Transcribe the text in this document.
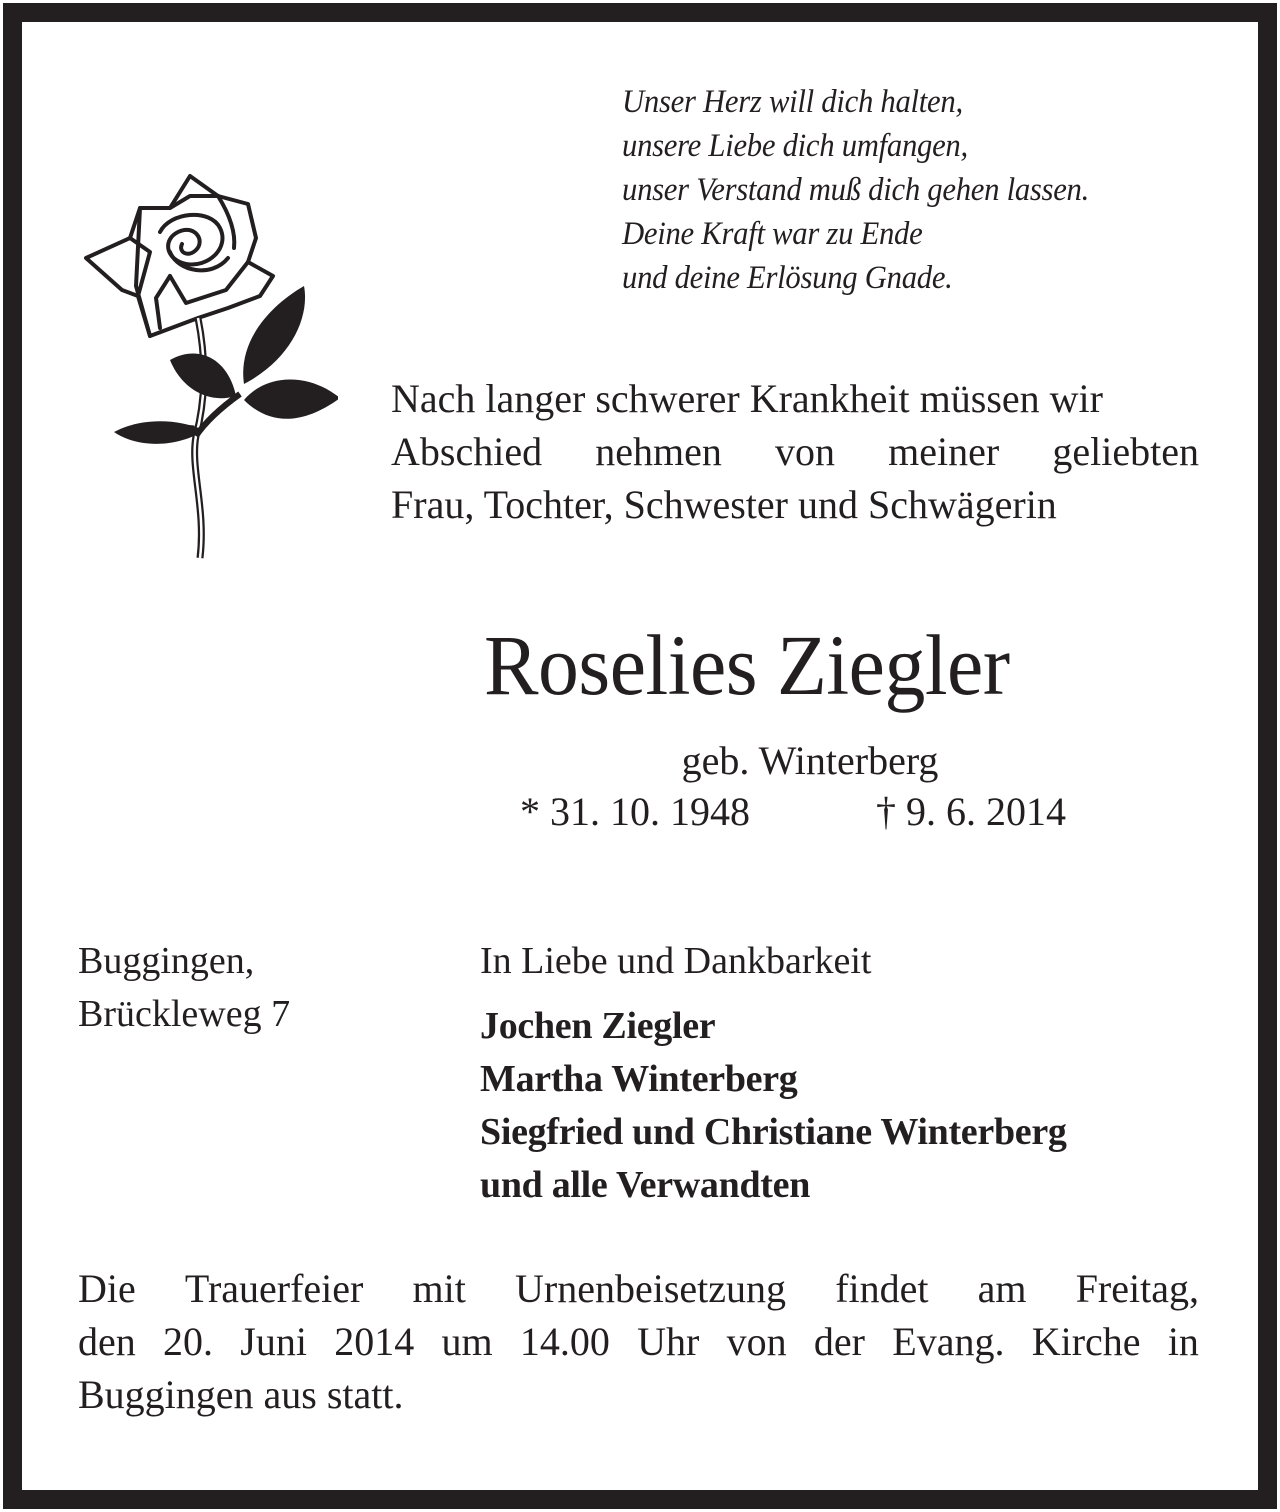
Unser Herz will dich halten,
unsere Liebe dich umfangen,
unser Verstand muß dich gehen lassen.
Deine Kraft war zu Ende
und deine Erlösung Gnade.
Nach langer schwerer Krankheit müssen wir
Abschied nehmen von meiner geliebten
Frau, Tochter, Schwester und Schwägerin
Roselies Ziegler
geb. Winterberg
* 31. 10. 1948	† 9. 6. 2014
Buggingen,
Brückleweg 7
In Liebe und Dankbarkeit
Jochen Ziegler
Martha Winterberg
Siegfried und Christiane Winterberg
und alle Verwandten
Die Trauerfeier mit Urnenbeisetzung findet am Freitag,
den 20. Juni 2014 um 14.00 Uhr von der Evang. Kirche in
Buggingen aus statt.
